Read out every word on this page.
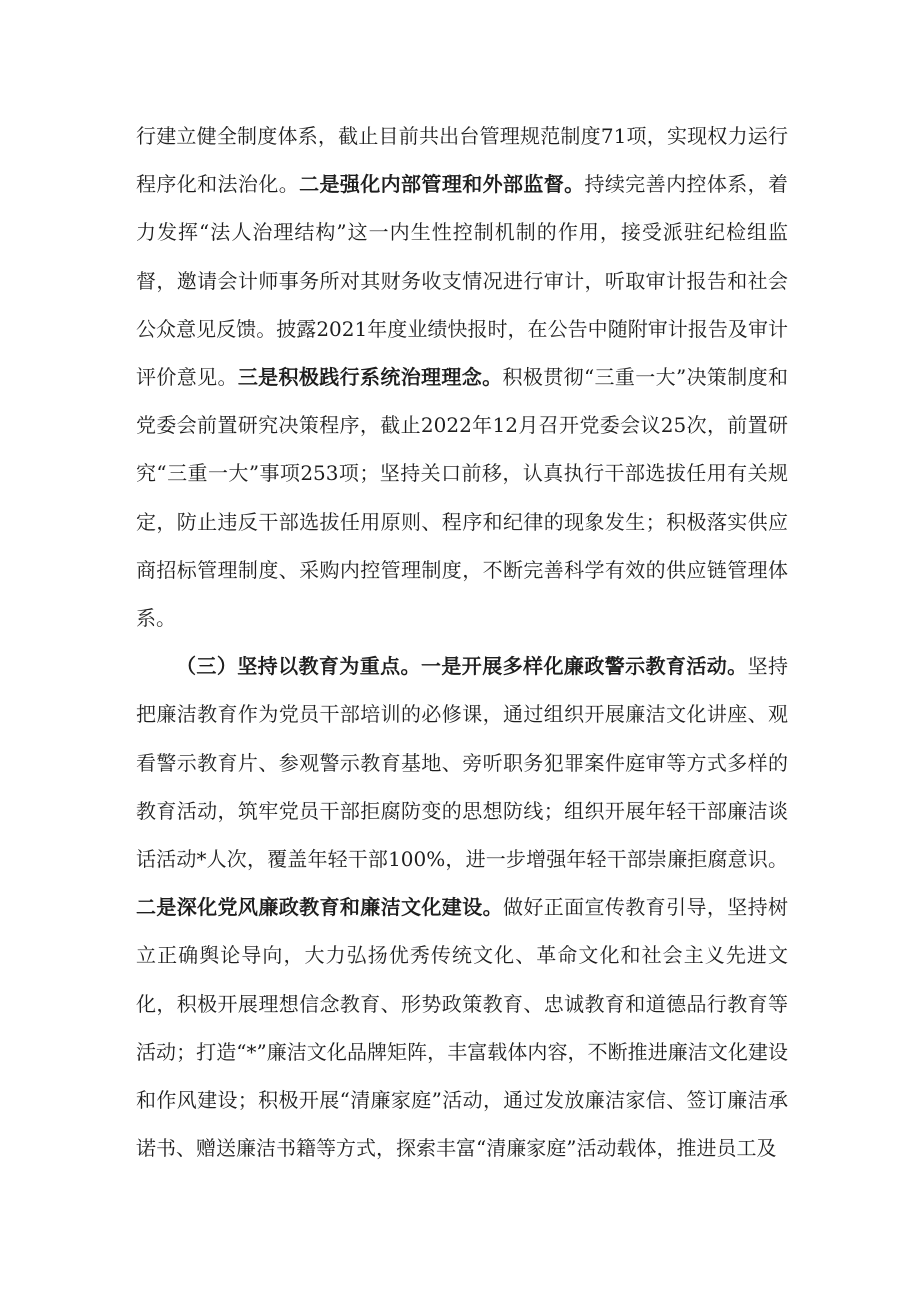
行建立健全制度体系，截止目前共出台管理规范制度71项，实现权力运行程序化和法治化。二是强化内部管理和外部监督。持续完善内控体系，着力发挥“法人治理结构”这一内生性控制机制的作用，接受派驻纪检组监督，邀请会计师事务所对其财务收支情况进行审计，听取审计报告和社会公众意见反馈。披露2021年度业绩快报时，在公告中随附审计报告及审计评价意见。三是积极践行系统治理理念。积极贯彻“三重一大”决策制度和党委会前置研究决策程序，截止2022年12月召开党委会议25次，前置研究“三重一大”事项253项；坚持关口前移，认真执行干部选拔任用有关规定，防止违反干部选拔任用原则、程序和纪律的现象发生；积极落实供应商招标管理制度、采购内控管理制度，不断完善科学有效的供应链管理体系。

（三）坚持以教育为重点。一是开展多样化廉政警示教育活动。坚持把廉洁教育作为党员干部培训的必修课，通过组织开展廉洁文化讲座、观看警示教育片、参观警示教育基地、旁听职务犯罪案件庭审等方式多样的教育活动，筑牢党员干部拒腐防变的思想防线；组织开展年轻干部廉洁谈话活动*人次，覆盖年轻干部100%，进一步增强年轻干部崇廉拒腐意识。二是深化党风廉政教育和廉洁文化建设。做好正面宣传教育引导，坚持树立正确舆论导向，大力弘扬优秀传统文化、革命文化和社会主义先进文化，积极开展理想信念教育、形势政策教育、忠诚教育和道德品行教育等活动；打造“*”廉洁文化品牌矩阵，丰富载体内容，不断推进廉洁文化建设和作风建设；积极开展“清廉家庭”活动，通过发放廉洁家信、签订廉洁承诺书、赠送廉洁书籍等方式，探索丰富“清廉家庭”活动载体，推进员工及
